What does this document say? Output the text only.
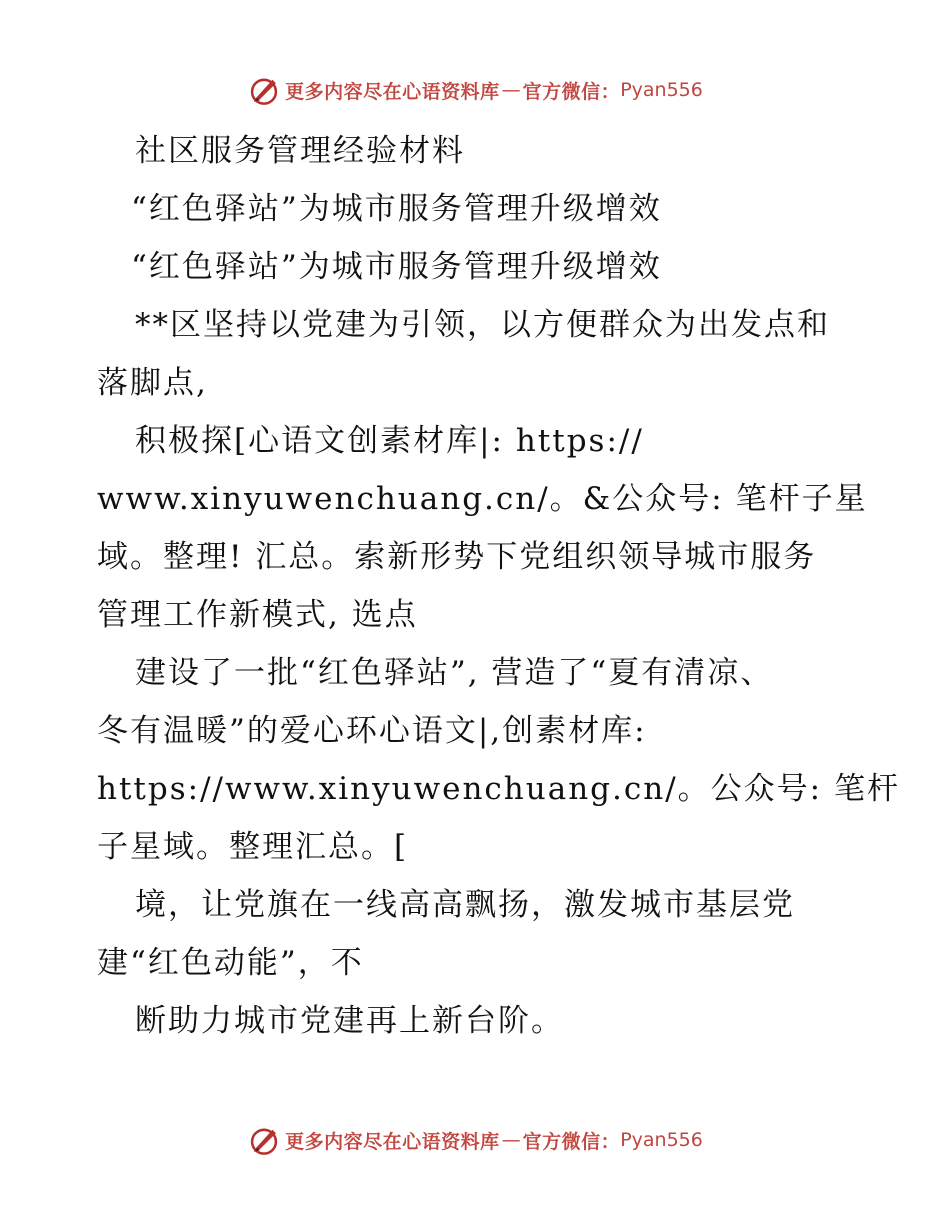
更多内容尽在心语资料库 — 官方微信： Pyan556
社区服务管理经验材料
“红色驿站”为城市服务管理升级增效
“红色驿站”为城市服务管理升级增效
**区坚持以党建为引领，以方便群众为出发点和
落脚点,
积极探[心语文创素材库|: https://
www.xinyuwenchuang.cn/。&公众号: 笔杆子星
域。整理! 汇总。索新形势下党组织领导城市服务
管理工作新模式, 选点
建设了一批“红色驿站”, 营造了“夏有清凉、
冬有温暖”的爱心环心语文|,创素材库:
https://www.xinyuwenchuang.cn/。公众号: 笔杆
子星域。整理汇总。[
境，让党旗在一线高高飘扬，激发城市基层党
建“红色动能”，不
断助力城市党建再上新台阶。
更多内容尽在心语资料库 — 官方微信： Pyan556
